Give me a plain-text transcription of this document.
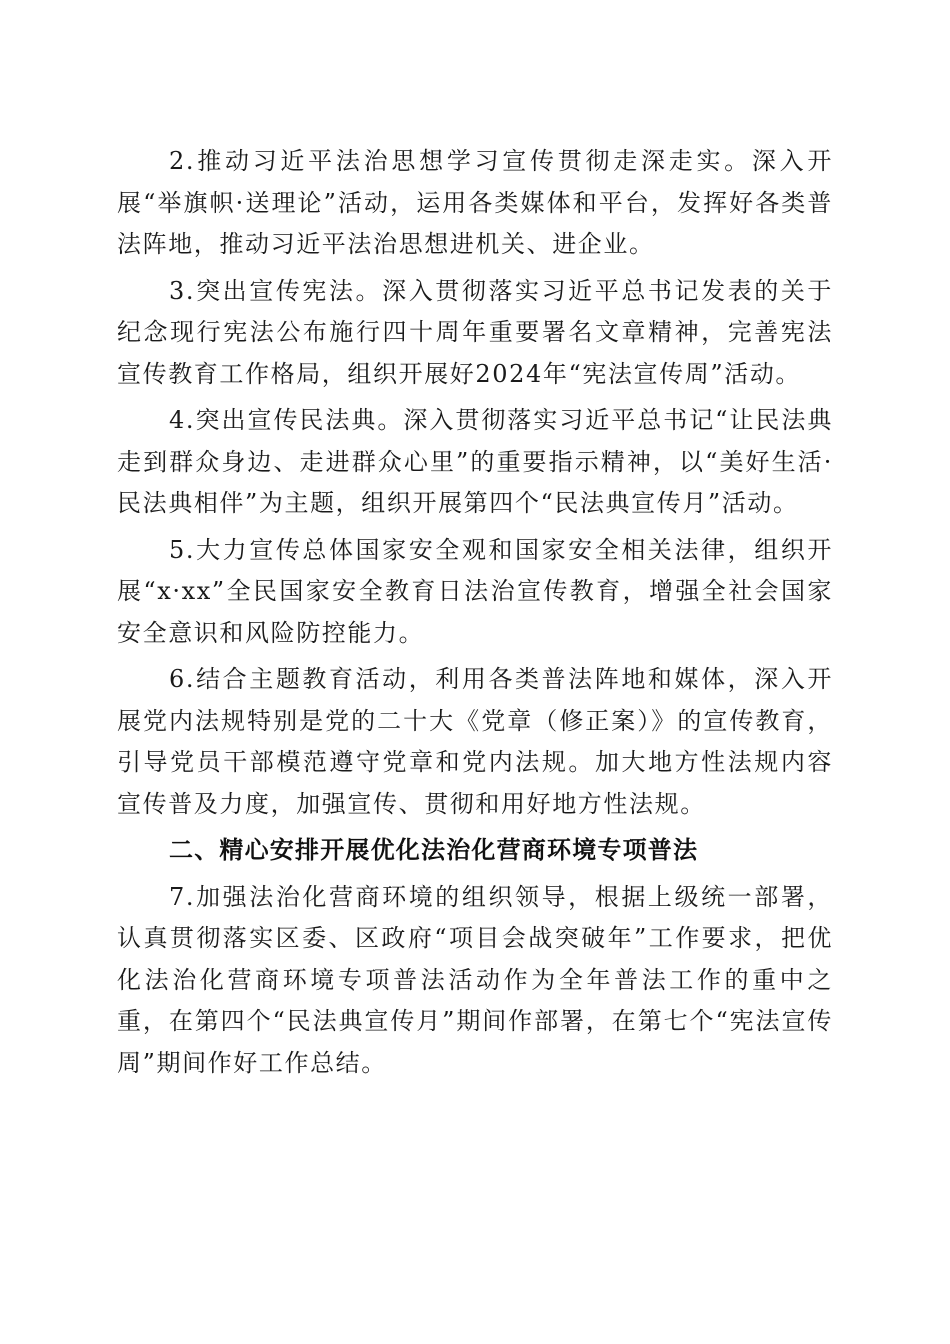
2.推动习近平法治思想学习宣传贯彻走深走实。深入开展“举旗帜·送理论”活动，运用各类媒体和平台，发挥好各类普法阵地，推动习近平法治思想进机关、进企业。

3.突出宣传宪法。深入贯彻落实习近平总书记发表的关于纪念现行宪法公布施行四十周年重要署名文章精神，完善宪法宣传教育工作格局，组织开展好2024年“宪法宣传周”活动。

4.突出宣传民法典。深入贯彻落实习近平总书记“让民法典走到群众身边、走进群众心里”的重要指示精神，以“美好生活·民法典相伴”为主题，组织开展第四个“民法典宣传月”活动。

5.大力宣传总体国家安全观和国家安全相关法律，组织开展“x·xx”全民国家安全教育日法治宣传教育，增强全社会国家安全意识和风险防控能力。

6.结合主题教育活动，利用各类普法阵地和媒体，深入开展党内法规特别是党的二十大《党章（修正案）》的宣传教育，引导党员干部模范遵守党章和党内法规。加大地方性法规内容宣传普及力度，加强宣传、贯彻和用好地方性法规。

二、精心安排开展优化法治化营商环境专项普法

7.加强法治化营商环境的组织领导，根据上级统一部署，认真贯彻落实区委、区政府“项目会战突破年”工作要求，把优化法治化营商环境专项普法活动作为全年普法工作的重中之重，在第四个“民法典宣传月”期间作部署，在第七个“宪法宣传周”期间作好工作总结。
